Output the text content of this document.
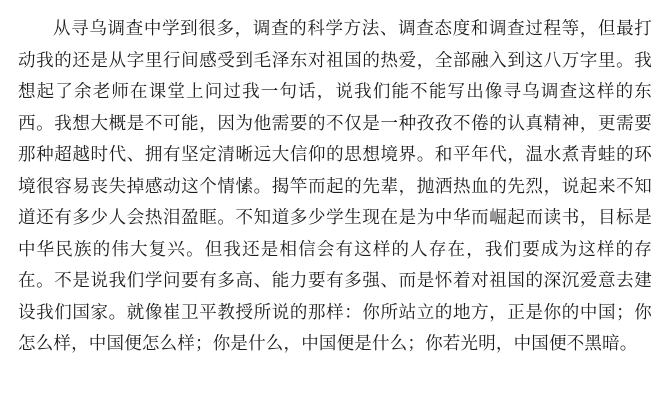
从寻乌调查中学到很多，调查的科学方法、调查态度和调查过程等，但最打动我的还是从字里行间感受到毛泽东对祖国的热爱，全部融入到这八万字里。我想起了余老师在课堂上问过我一句话，说我们能不能写出像寻乌调查这样的东西。我想大概是不可能，因为他需要的不仅是一种孜孜不倦的认真精神，更需要那种超越时代、拥有坚定清晰远大信仰的思想境界。和平年代，温水煮青蛙的环境很容易丧失掉感动这个情愫。揭竿而起的先辈，抛洒热血的先烈，说起来不知道还有多少人会热泪盈眶。不知道多少学生现在是为中华而崛起而读书，目标是中华民族的伟大复兴。但我还是相信会有这样的人存在，我们要成为这样的存在。不是说我们学问要有多高、能力要有多强、而是怀着对祖国的深沉爱意去建设我们国家。就像崔卫平教授所说的那样：你所站立的地方，正是你的中国；你怎么样，中国便怎么样；你是什么，中国便是什么；你若光明，中国便不黑暗。
